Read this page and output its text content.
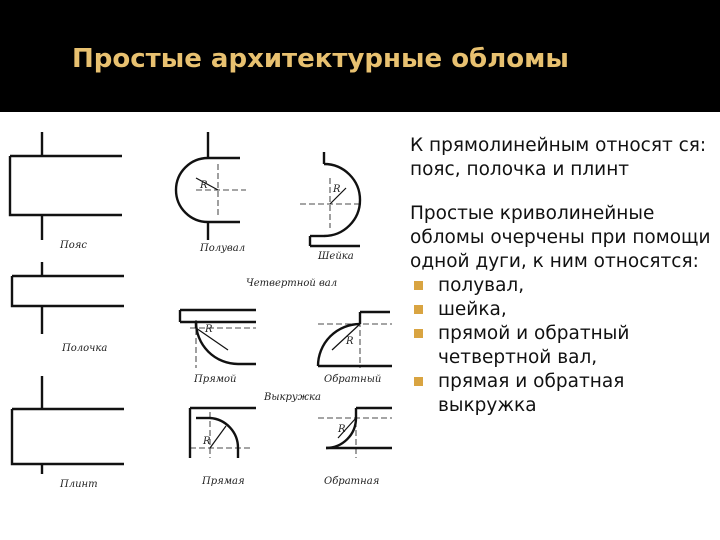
Простые архитектурные обломы
Пояс
Полочка
Плинт
Полувал
Шейка
Четвертной вал
Прямой	Обратный
Выкружка
Прямая	Обратная
R	R
R
R
R
R

К прямолинейным относят ся: пояс, полочка и плинт

Простые криволинейные обломы очерчены при помощи одной дуги, к ним относятся:

полувал,
шейка,
прямой и обратный четвертной вал,
прямая и обратная выкружка
